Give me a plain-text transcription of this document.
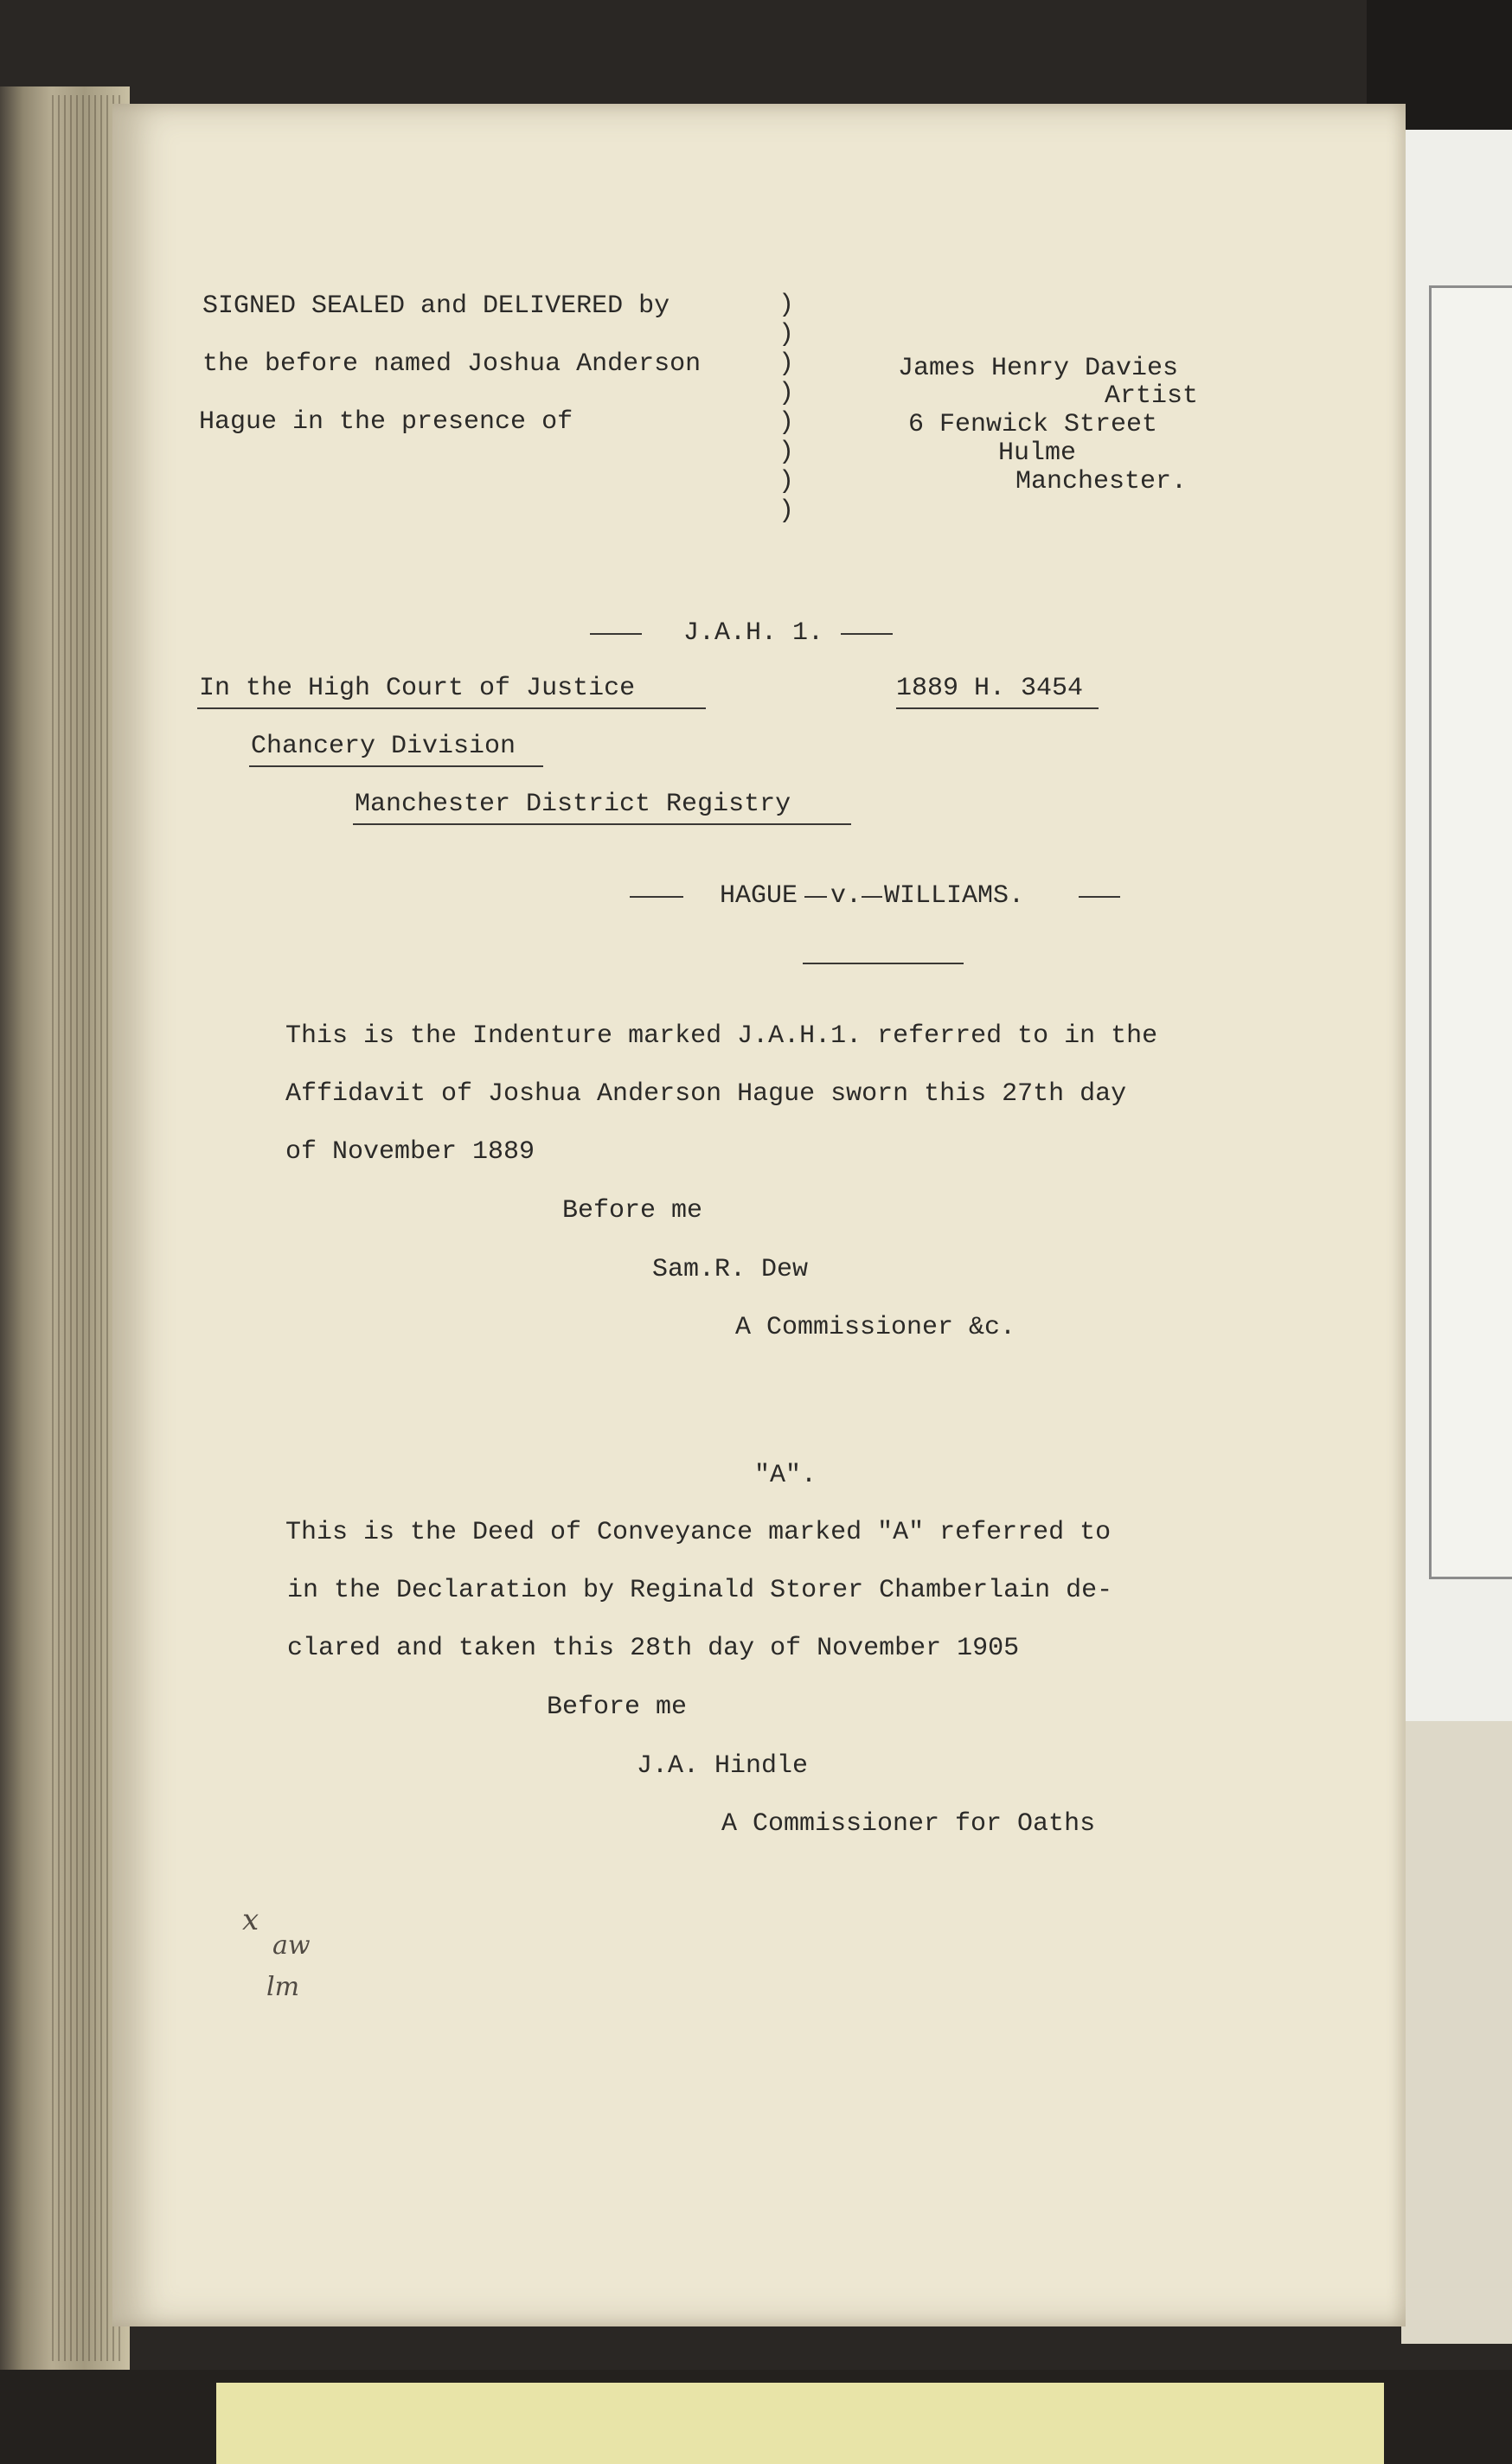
SIGNED SEALED and DELIVERED by
the before named Joshua Anderson
Hague in the presence of
)
)
)
)
)
)
)
)
James Henry Davies
Artist
6 Fenwick Street
Hulme
Manchester.
J.A.H. 1.
In the High Court of Justice	1889 H. 3454
Chancery Division
Manchester District Registry
HAGUE v. WILLIAMS.
This is the Indenture marked J.A.H.1. referred to in the
Affidavit of Joshua Anderson Hague sworn this 27th day
of November 1889
Before me
Sam.R. Dew
A Commissioner &c.
"A".
This is the Deed of Conveyance marked "A" referred to
in the Declaration by Reginald Storer Chamberlain de-
clared and taken this 28th day of November 1905
Before me
J.A. Hindle
A Commissioner for Oaths
x
aw
lm
